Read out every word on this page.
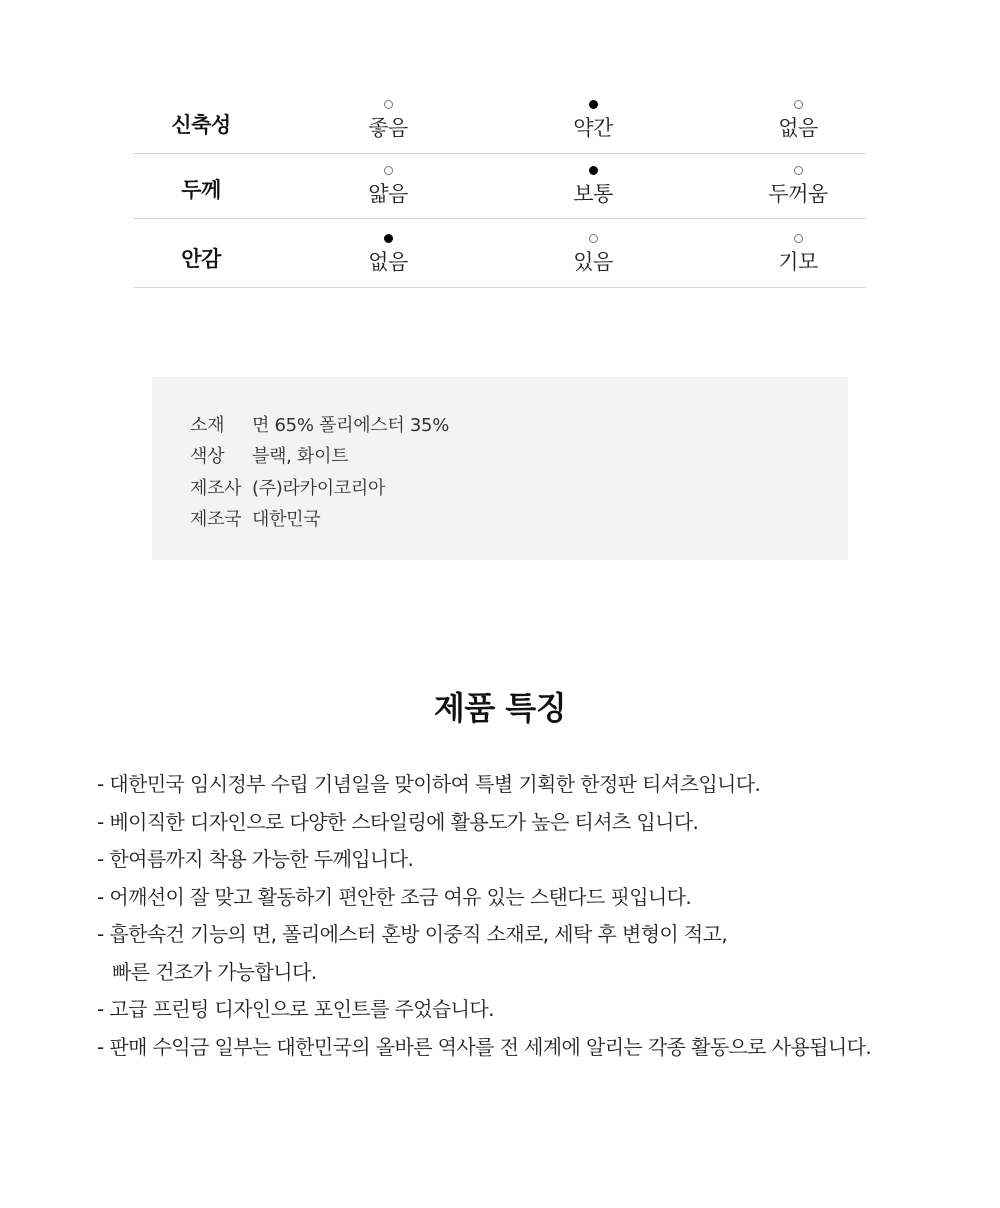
신축성	좋음	약간	없음
두께	얇음	보통	두꺼움
안감	없음	있음	기모
소재 면 65% 폴리에스터 35%
색상 블랙, 화이트
제조사 (주)라카이코리아
제조국 대한민국
제품 특징
- 대한민국 임시정부 수립 기념일을 맞이하여 특별 기획한 한정판 티셔츠입니다.
- 베이직한 디자인으로 다양한 스타일링에 활용도가 높은 티셔츠 입니다.
- 한여름까지 착용 가능한 두께입니다.
- 어깨선이 잘 맞고 활동하기 편안한 조금 여유 있는 스탠다드 핏입니다.
- 흡한속건 기능의 면, 폴리에스터 혼방 이중직 소재로, 세탁 후 변형이 적고,
빠른 건조가 가능합니다.
- 고급 프린팅 디자인으로 포인트를 주었습니다.
- 판매 수익금 일부는 대한민국의 올바른 역사를 전 세계에 알리는 각종 활동으로 사용됩니다.
